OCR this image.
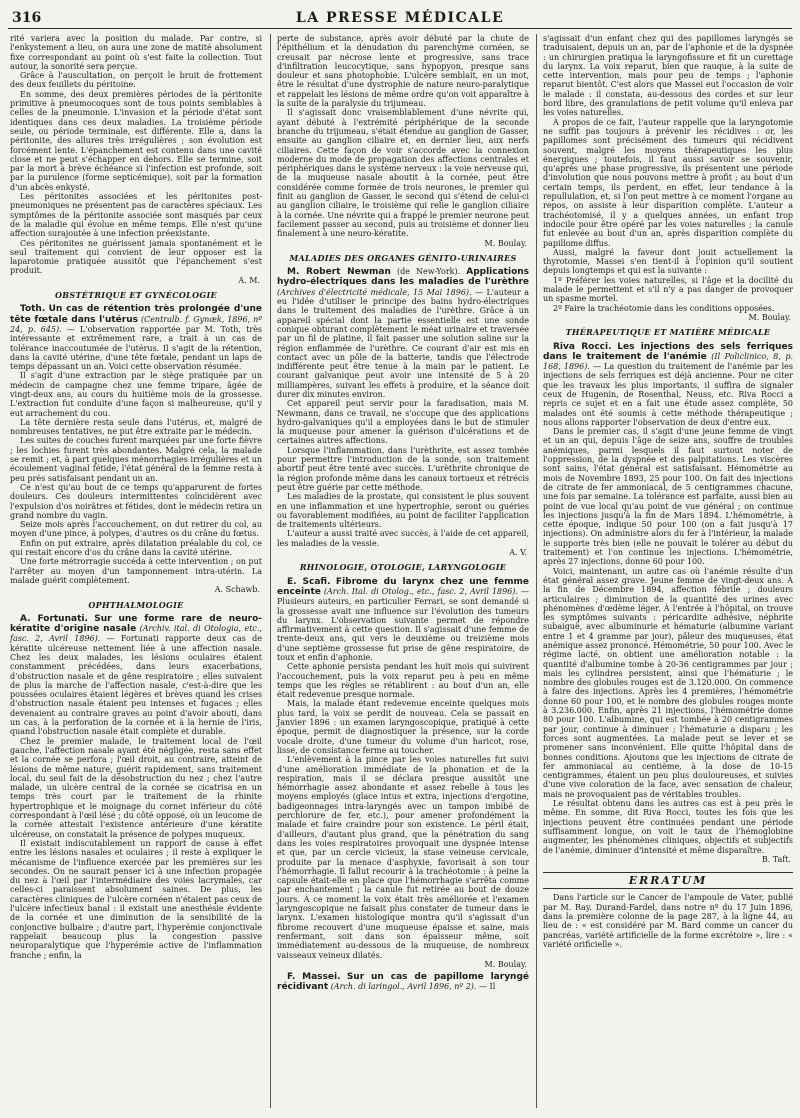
316	LA PRESSE MÉDICALE

rité variera avec la position du malade. Par contre, si l'enkystement a lieu, on aura une zone de matité absolument fixe correspondant au point où s'est faite la collection. Tout autour, la sonorité sera perçue.

Grâce à l'auscultation, on perçoit le bruit de frottement des deux feuillets du péritoine.

En somme, des deux premières périodes de la péritonite primitive à pneumocoques sont de tous points semblables à celles de la pneumonie. L'invasion et la période d'état sont identiques dans ces deux maladies. La troisième période seule, ou période terminale, est différente. Elle a, dans la péritonite, des allures très irrégulières ; son évolution est forcément lente. L'épanchement est contenu dans une cavité close et ne peut s'échapper en dehors. Elle se termine, soit par la mort à brève échéance si l'infection est profonde, soit par la purulence (forme septicémique), soit par la formation d'un abcès enkysté.

Les péritonites associées et les péritonites post-pneumoniques ne présentent pas de caractères spéciaux. Les symptômes de la péritonite associée sont masqués par ceux de la maladie qui évolue en même temps. Elle n'est qu'une affection surajoutée à une infection préexistante.

Ces péritonites ne guérissent jamais spontanément et le seul traitement qui convient de leur opposer est la laparotomie pratiquée aussitôt que l'épanchement s'est produit.

A. M.
OBSTÉTRIQUE ET GYNÉCOLOGIE

Toth. Un cas de rétention très prolongée d'une tête fœtale dans l'utérus (Centralb. f. Gynæk, 1896, nº 24, p. 645). — L'observation rapportée par M. Toth, très intéressante et extrêmement rare, a trait à un cas de tolérance inaccoutumée de l'utérus. Il s'agit de la rétention, dans la cavité utérine, d'une tête fœtale, pendant un laps de temps dépassant un an. Voici cette observation résumée.

Il s'agit d'une extraction par le siège pratiquée par un médecin de campagne chez une femme tripare, âgée de vingt-deux ans, au cours du huitième mois de la grossesse. L'extraction fut conduite d'une façon si malheureuse, qu'il y eut arrachement du cou.

La tête dernière resta seule dans l'utérus, et, malgré de nombreuses tentatives, ne put être extraite par le médecin.

Les suites de couches furent marquées par une forte fièvre ; les lochies furent très abondantes. Malgré cela, la malade se remit ; et, à part quelques ménorrhagies irrégulières et un écoulement vaginal fétide, l'état général de la femme resta à peu près satisfaisant pendant un an.

Ce n'est qu'au bout de ce temps qu'apparurent de fortes douleurs. Ces douleurs intermittentes coïncidèrent avec l'expulsion d'os noirâtres et fétides, dont le médecin retira un grand nombre du vagin.

Seize mois après l'accouchement, on dut retirer du col, au moyen d'une pince, à polypes, d'autres os du crâne du fœtus.

Enfin on put extraire, après dilatation préalable du col, ce qui restait encore d'os du crâne dans la cavité utérine.

Une forte métrorragie succéda à cette intervention ; on put l'arrêter au moyen d'un tamponnement intra-utérin. La malade guérit complètement.

A. Schawb.
OPHTHALMOLOGIE

A. Fortunati. Sur une forme rare de neuro-kératite d'origine nasale (Archiv. ital. di Otologia, etc., fasc. 2, Avril 1896). — Fortunati rapporte deux cas de kératite ulcéreuse nettement liée à une affection nasale. Chez les deux malades, les lésions oculaires étaient constamment précédées, dans leurs exacerbations, d'obstruction nasale et de gêne respiratoire ; elles suivaient de plus la marche de l'affection nasale, c'est-à-dire que les poussées oculaires étaient légères et brèves quand les crises d'obstruction nasale étaient peu intenses et fugaces ; elles devenaient au contraire graves au point d'avoir abouti, dans un cas, à la perforation de la cornée et à la hernie de l'iris, quand l'obstruction nasale était complète et durable.

Chez le premier malade, le traitement local de l'œil gauche, l'affection nasale ayant été négligée, resta sans effet et la cornée se perfora ; l'œil droit, au contraire, atteint de lésions de même nature, guérit rapidement, sans traitement local, du seul fait de la désobstruction du nez ; chez l'autre malade, un ulcère central de la cornée se cicatrisa en un temps très court par le traitement de la rhinite hypertrophique et le moignage du cornet inférieur du côté correspondant à l'œil lésé ; du côté opposé, où un leucome de la cornée attestait l'existence antérieure d'une kératite ulcéreuse, on constatait la présence de polypes muqueux.

Il existait indiscutablement un rapport de cause à effet entre les lésions nasales et oculaires ; il reste à expliquer le mécanisme de l'influence exercée par les premières sur les secondes. On ne saurait penser ici à une infection propagée du nez à l'œil par l'intermédiaire des voies lacrymales, car celles-ci paraissent absolument saines. De plus, les caractères cliniques de l'ulcère cornéen n'étaient pas ceux de l'ulcère infectieux banal : il existait une anesthésie évidente de la cornée et une diminution de la sensibilité de la conjonctive bulbaire ; d'autre part, l'hyperémie conjonctivale rappelait beaucoup plus la congestion passive neuroparalytique que l'hyperémie active de l'inflammation franche ; enfin, la

perte de substance, après avoir débuté par la chute de l'épithélium et la dénudation du parenchyme cornéen, se creusait par nécrose lente et progressive, sans trace d'infiltration leucocytique, sans hypopyon, presque sans douleur et sans photophobie. L'ulcère semblait, en un mot, être le résultat d'une dystrophie de nature neuro-paralytique et rappelait les lésions de même ordre qu'on voit apparaître à la suite de la paralysie du trijumeau.

Il s'agissait donc vraisemblablement d'une névrite qui, ayant débuté à l'extrémité périphérique de la seconde branche du trijumeau, s'était étendue au ganglion de Gasser, ensuite au ganglion ciliaire et, en dernier lieu, aux nerfs ciliaires. Cette façon de voir s'accorde avec la connexion moderne du mode de propagation des affections centrales et périphériques dans le système nerveux : la voie nerveuse qui, de la muqueuse nasale aboutit à la cornée, peut être considérée comme formée de trois neurones, le premier qui finit au ganglion de Gasser, le second qui s'étend de celui-ci au ganglion ciliaire, le troisième qui relie le ganglion ciliaire à la cornée. Une névrite qui a frappé le premier neurone peut facilement passer au second, puis au troisième et donner lieu finalement à une neuro-kératite.

M. Boulay.
MALADIES DES ORGANES GÉNITO-URINAIRES

M. Robert Newman (de New-York). Applications hydro-électriques dans les maladies de l'urèthre (Archives d'électricité médicale, 15 Mai 1896). — L'auteur a eu l'idée d'utiliser le principe des bains hydro-électriques dans le traitement des maladies de l'urèthre. Grâce à un appareil spécial dont la partie essentielle est une sonde conique obturant complètement le méat urinaire et traversée par un fil de platine, il fait passer une solution saline sur la région enflammée de l'urèthre. Ce courant d'air est mis en contact avec un pôle de la batterie, tandis que l'électrode indifférente peut être tenue à la main par le patient. Le courant galvanique peut avoir une intensité de 5 à 20 milliampères, suivant les effets à produire, et la séance doit durer dix minutes environ.

Cet appareil peut servir pour la faradisation, mais M. Newmann, dans ce travail, ne s'occupe que des applications hydro-galvaniques qu'il a employées dans le but de stimuler la muqueuse pour amener la guérison d'ulcérations et de certaines autres affections.

Lorsque l'inflammation, dans l'urèthrite, est assez tombée pour permettre l'introduction de la sonde, son traitement abortif peut être tenté avec succès. L'urèthrite chronique de la région profonde même dans les canaux tortueux et rétrécis peut être guérie par cette méthode.

Les maladies de la prostate, qui consistent le plus souvent en une inflammation et une hypertrophie, seront ou guéries ou favorablement modifiées, au point de faciliter l'application de traitements ultérieurs.

L'auteur a aussi traité avec succès, à l'aide de cet appareil, les maladies de la vessie.

A. V.
RHINOLOGIE, OTOLOGIE, LARYNGOLOGIE

E. Scafi. Fibrome du larynx chez une femme enceinte (Arch. Ital. di Otolog., etc., fasc. 2, Avril 1896). — Plusieurs auteurs, en particulier Ferrari, se sont demandé si la grossesse avait une influence sur l'évolution des tumeurs du larynx. L'observation suivante permet de répondre affirmativement à cette question. Il s'agissait d'une femme de trente-deux ans, qui vers le deuxième ou treizième mois d'une septième grossesse fut prise de gêne respiratoire, de toux et enfin d'aphonie.

Cette aphonie persista pendant les huit mois qui suivirent l'accouchement, puis la voix reparut peu à peu en même temps que les règles se rétablirent : au bout d'un an, elle était redevenue presque normale.

Mais, la malade étant redevenue enceinte quelques mois plus tard, la voix se perdit de nouveau. Cela se passait en Janvier 1896 : un examen laryngoscopique, pratiqué à cette époque, permit de diagnostiquer la présence, sur la corde vocale droite, d'une tumeur du volume d'un haricot, rose, lisse, de consistance ferme au toucher.

L'enlèvement à la pince par les voies naturelles fut suivi d'une amélioration immédiate de la phonation et de la respiration, mais il se déclara presque aussitôt une hémorrhagie assez abondante et assez rebelle à tous les moyens employés (glace intus et extra, injections d'ergotine, badigeonnages intra-laryngés avec un tampon imbibé de perchlorure de fer, etc.), pour amener profondément la malade et faire craindre pour son existence. Le péril était, d'ailleurs, d'autant plus grand, que la pénétration du sang dans les voies respiratoires provoquait une dyspnée intense et que, par un cercle vicieux, la stase veineuse cervicale, produite par la menace d'asphyxie, favorisait à son tour l'hémorrhagie. Il fallut recourir à la trachéotomie : à peine la capsule était-elle en place que l'hémorrhagie s'arrêta comme par enchantement ; la canule fut retirée au bout de douze jours. À ce moment la voix était très améliorée et l'examen laryngoscopique ne faisait plus constater de tumeur dans le larynx. L'examen histologique montra qu'il s'agissait d'un fibrome recouvert d'une muqueuse épaisse et saine, mais renfermant, soit dans son épaisseur même, soit immédiatement au-dessous de la muqueuse, de nombreux vaisseaux veineux dilatés.

M. Boulay.

F. Massei. Sur un cas de papillome laryngé récidivant (Arch. di laringol., Avril 1896, nº 2). — Il

s'agissait d'un enfant chez qui des papillomes laryngés se traduisaient, depuis un an, par de l'aphonie et de la dyspnée : un chirurgien pratiqua la laryngofissure et fit un curettage du larynx. La voix reparut, bien que rauque, à la suite de cette intervention, mais pour peu de temps ; l'aphonie reparut bientôt. C'est alors que Massei eut l'occasion de voir le malade : il constata, au-dessous des cordes et sur leur bord libre, des granulations de petit volume qu'il enleva par les voies naturelles.

À propos de ce fait, l'auteur rappelle que la laryngotomie ne suffit pas toujours à prévenir les récidives : or, les papillomes sont précisément des tumeurs qui récidivent souvent, malgré les moyens thérapeutiques les plus énergiques ; toutefois, il faut aussi savoir se souvenir, qu'après une phase progressive, ils présentent une période d'involution que nous pouvons mettre à profit ; au bout d'un certain temps, ils perdent, en effet, leur tendance à la repullulation, et, si l'on peut mettre à ce moment l'organe au repos, on assiste à leur disparition complète. L'auteur a trachéotomisé, il y a quelques années, un enfant trop indocile pour être opéré par les voies naturelles ; la canule fut enlevée au bout d'un an, après disparition complète du papillome diffus.

Aussi, malgré la faveur dont jouit actuellement la thyrotomie, Massei s'en tient-il à l'opinion qu'il soutient depuis longtemps et qui est la suivante :

1º Préférer les voies naturelles, si l'âge et la docilité du malade le permettent et s'il n'y a pas danger de provoquer un spasme mortel.

2º Faire la trachéotomie dans les conditions opposées.

M. Boulay.
THÉRAPEUTIQUE ET MATIÈRE MÉDICALE

Riva Rocci. Les injections des sels ferriques dans le traitement de l'anémie (Il Policlinico, 8, p. 168, 1896). — La question du traitement de l'anémie par les injections de sels ferriques est déjà ancienne. Pour ne citer que les travaux les plus importants, il suffira de signaler ceux de Hugenin, de Rosenthal, Neuss, etc. Riva Rocci a repris ce sujet et en a fait une étude assez complète, 50 malades ont été soumis à cette méthode thérapeutique ; nous allons rapporter l'observation de deux d'entre eux.

Dans le premier cas, il s'agit d'une jeune femme de vingt et un an qui, depuis l'âge de seize ans, souffre de troubles anémiques, parmi lesquels il faut surtout noter de l'oppression, de la dyspnée et des palpitations. Les viscères sont sains, l'état général est satisfaisant. Hémométrie au mois de Novembre 1893, 25 pour 100. On fait des injections de citrate de fer ammoniacal, de 5 centigrammes chacune, une fois par semaine. La tolérance est parfaite, aussi bien au point de vue local qu'au point de vue général ; on continue les injections jusqu'à la fin de Mars 1894. L'hémométrie, à cette époque, indique 50 pour 100 (on a fait jusqu'à 17 injections). On administre alors du fer à l'intérieur, la malade le supporte très bien (elle ne pouvait le tolérer au début du traitement) et l'on continue les injections. L'hémométrie, après 27 injections, donne 60 pour 100.

Voici, maintenant, un autre cas où l'anémie résulte d'un état général assez grave. Jeune femme de vingt-deux ans. À la fin de Décembre 1894, affection fébrile ; douleurs articulaires ; diminution de la quantité des urines avec phénomènes d'œdème léger. À l'entrée à l'hôpital, on trouve les symptômes suivants : péricardite adhésive, néphrite subaiguë, avec albuminurie et hématurie (albumine variant entre 1 et 4 gramme par jour), pâleur des muqueuses, état anémique assez prononcé. Hémométrie, 50 pour 100. Avec le régime lacté, on obtient une amélioration notable : la quantité d'albumine tombe à 20-36 centigrammes par jour ; mais les cylindres persistent, ainsi que l'hématurie ; le nombre des globules rouges est de 3.120.000. On commence à faire des injections. Après les 4 premières, l'hémométrie donne 60 pour 100, et le nombre des globules rouges monte à 3.236.000. Enfin, après 21 injections, l'hémométrie donne 80 pour 100. L'albumine, qui est tombée à 20 centigrammes par jour, continue à diminuer ; l'hématurie a disparu ; les forces sont augmentées. La malade peut se lever et se promener sans inconvénient. Elle quitte l'hôpital dans de bonnes conditions. Ajoutons que les injections de citrate de fer ammoniacal au centième, à la dose de 10-15 centigrammes, étaient un peu plus douloureuses, et suivies d'une vive coloration de la face, avec sensation de chaleur, mais ne provoquaient pas de véritables troubles.

Le résultat obtenu dans les autres cas est à peu près le même. En somme, dit Riva Rocci, toutes les fois que les injections peuvent être continuées pendant une période suffisamment longue, on voit le taux de l'hémoglobine augmenter, les phénomènes cliniques, objectifs et subjectifs de l'anémie, diminuer d'intensité et même disparaître.

B. Taft.
ERRATUM

Dans l'article sur le Cancer de l'ampoule de Vater, publié par M. Ray. Durand-Fardel, dans notre nº du 17 Juin 1896, dans la première colonne de la page 287, à la ligne 44, au lieu de : « est considéré par M. Bard comme un cancer du pancréas, variété artificielle de la forme excrétoire », lire : « variété orificielle ».
